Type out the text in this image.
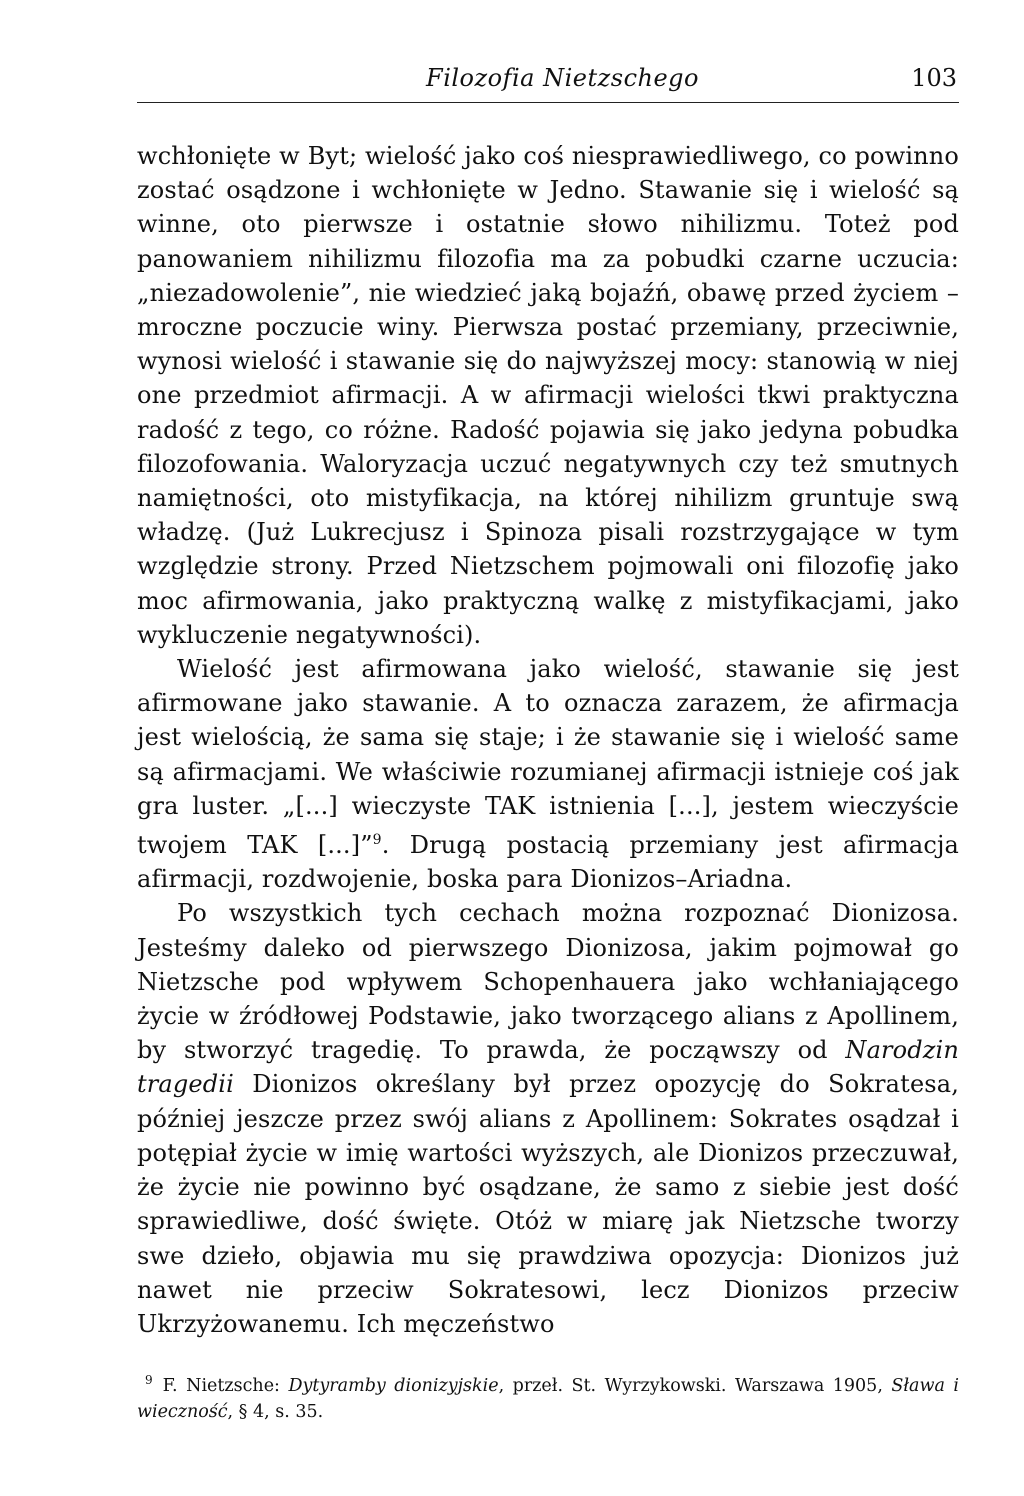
Filozofia Nietzschego	103

wchłonięte w Byt; wielość jako coś niesprawiedliwego, co powinno zostać osądzone i wchłonięte w Jedno. Stawanie się i wielość są winne, oto pierwsze i ostatnie słowo nihilizmu. Toteż pod panowaniem nihilizmu filozofia ma za pobudki czarne uczucia: „niezadowolenie”, nie wiedzieć jaką bojaźń, obawę przed życiem – mroczne poczucie winy. Pierwsza postać przemiany, przeciwnie, wynosi wielość i stawanie się do najwyższej mocy: stanowią w niej one przedmiot afirmacji. A w afirmacji wielości tkwi praktyczna radość z tego, co różne. Radość pojawia się jako jedyna pobudka filozofowania. Waloryzacja uczuć negatywnych czy też smutnych namiętności, oto mistyfikacja, na której nihilizm gruntuje swą władzę. (Już Lukrecjusz i Spinoza pisali rozstrzygające w tym względzie strony. Przed Nietzschem pojmowali oni filozofię jako moc afirmowania, jako praktyczną walkę z mistyfikacjami, jako wykluczenie negatywności).

Wielość jest afirmowana jako wielość, stawanie się jest afirmowane jako stawanie. A to oznacza zarazem, że afirmacja jest wielością, że sama się staje; i że stawanie się i wielość same są afirmacjami. We właściwie rozumianej afirmacji istnieje coś jak gra luster. „[...] wieczyste TAK istnienia [...], jestem wieczyście twojem TAK [...]”$^9$. Drugą postacią przemiany jest afirmacja afirmacji, rozdwojenie, boska para Dionizos–Ariadna.

Po wszystkich tych cechach można rozpoznać Dionizosa. Jesteśmy daleko od pierwszego Dionizosa, jakim pojmował go Nietzsche pod wpływem Schopenhauera jako wchłaniającego życie w źródłowej Podstawie, jako tworzącego alians z Apollinem, by stworzyć tragedię. To prawda, że począwszy od Narodzin tragedii Dionizos określany był przez opozycję do Sokratesa, później jeszcze przez swój alians z Apollinem: Sokrates osądzał i potępiał życie w imię wartości wyższych, ale Dionizos przeczuwał, że życie nie powinno być osądzane, że samo z siebie jest dość sprawiedliwe, dość święte. Otóż w miarę jak Nietzsche tworzy swe dzieło, objawia mu się prawdziwa opozycja: Dionizos już nawet nie przeciw Sokratesowi, lecz Dionizos przeciw Ukrzyżowanemu. Ich męczeństwo

$^9$ F. Nietzsche: Dytyramby dionizyjskie, przeł. St. Wyrzykowski. Warszawa 1905, Sława i wieczność, § 4, s. 35.
